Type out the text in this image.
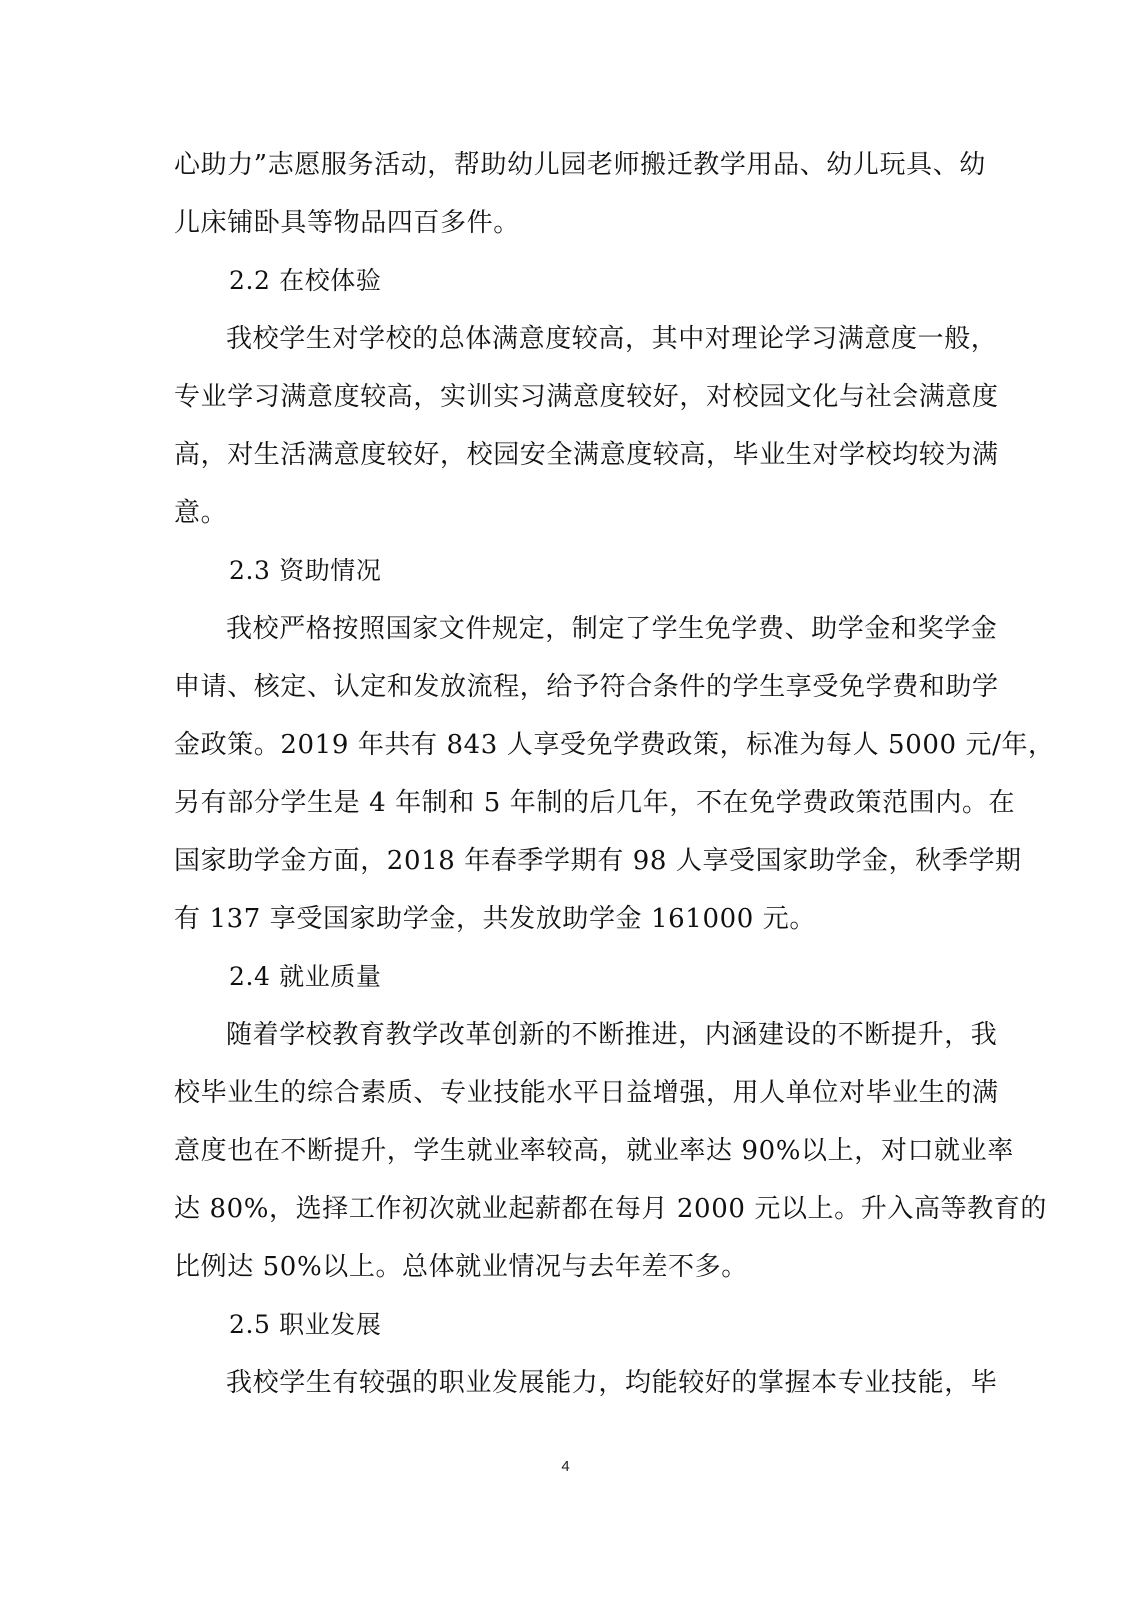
心助力”志愿服务活动，帮助幼儿园老师搬迁教学用品、幼儿玩具、幼
儿床铺卧具等物品四百多件。
2.2 在校体验
我校学生对学校的总体满意度较高，其中对理论学习满意度一般，
专业学习满意度较高，实训实习满意度较好，对校园文化与社会满意度
高，对生活满意度较好，校园安全满意度较高，毕业生对学校均较为满
意。
2.3 资助情况
我校严格按照国家文件规定，制定了学生免学费、助学金和奖学金
申请、核定、认定和发放流程，给予符合条件的学生享受免学费和助学
金政策。2019 年共有 843 人享受免学费政策，标准为每人 5000 元/年，
另有部分学生是 4 年制和 5 年制的后几年，不在免学费政策范围内。在
国家助学金方面，2018 年春季学期有 98 人享受国家助学金，秋季学期
有 137 享受国家助学金，共发放助学金 161000 元。
2.4 就业质量
随着学校教育教学改革创新的不断推进，内涵建设的不断提升，我
校毕业生的综合素质、专业技能水平日益增强，用人单位对毕业生的满
意度也在不断提升，学生就业率较高，就业率达 90%以上，对口就业率
达 80%，选择工作初次就业起薪都在每月 2000 元以上。升入高等教育的
比例达 50%以上。总体就业情况与去年差不多。
2.5 职业发展
我校学生有较强的职业发展能力，均能较好的掌握本专业技能，毕
4
